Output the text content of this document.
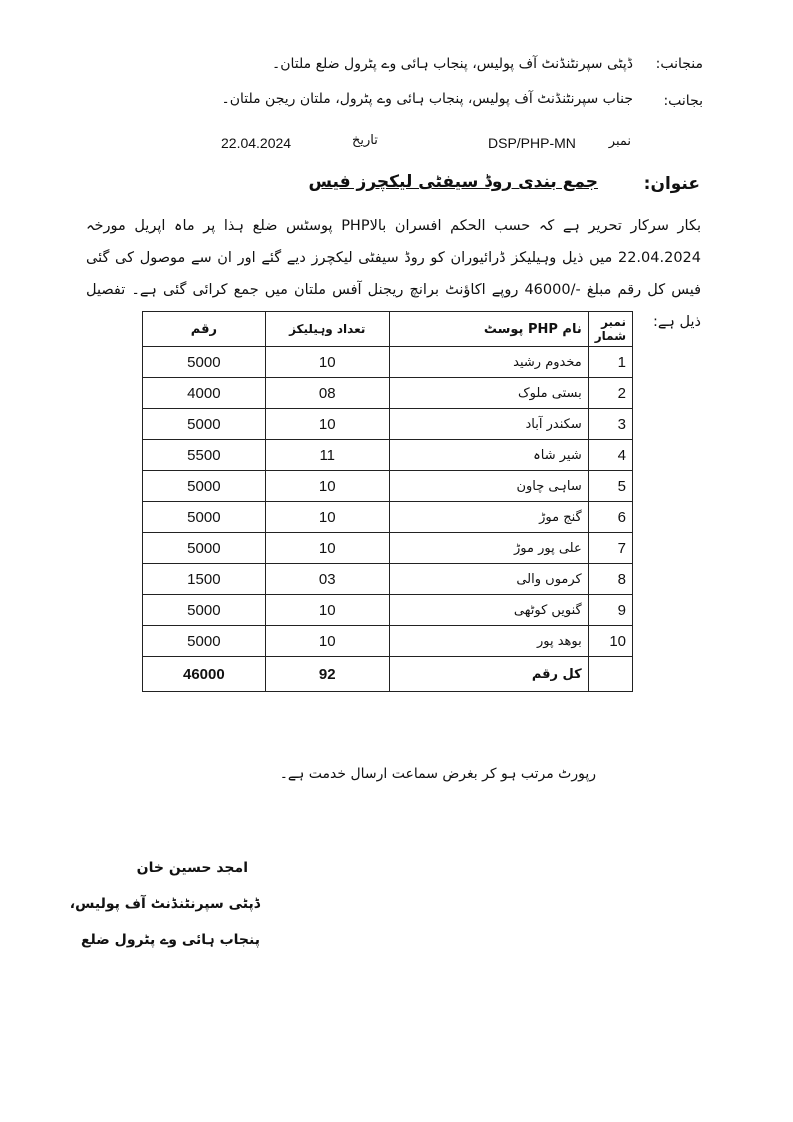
منجانب:
ڈپٹی سپرنٹنڈنٹ آف پولیس، پنجاب ہائی وے پٹرول ضلع ملتان۔
بجانب:
جناب سپرنٹنڈنٹ آف پولیس، پنجاب ہائی وے پٹرول، ملتان ریجن ملتان۔
نمبر
DSP/PHP-MN
تاریخ
22.04.2024
عنوان:
جمع بندی روڈ سیفٹی لیکچرز فیس
بکار سرکار تحریر ہے کہ حسب الحکم افسران بالاPHP پوسٹس ضلع ہذا پر ماہ اپریل مورخہ 22.04.2024 میں ذیل وہیلیکز ڈرائیوران کو روڈ سیفٹی لیکچرز دیے گئے اور ان سے موصول کی گئی فیس کل رقم مبلغ -/46000 روپے اکاؤنٹ برانچ ریجنل آفس ملتان میں جمع کرائی گئی ہے۔ تفصیل ذیل ہے:
نمبر شمار	نام PHP پوسٹ	تعداد وہیلیکز	رقم
1	مخدوم رشید	10	5000
2	بستی ملوک	08	4000
3	سکندر آباد	10	5000
4	شیر شاہ	11	5500
5	ساہی چاون	10	5000
6	گنج موڑ	10	5000
7	علی پور موڑ	10	5000
8	کرموں والی	03	1500
9	گنویں کوٹھی	10	5000
10	بوھد پور	10	5000
	کل رقم	92	46000
رپورٹ مرتب ہو کر بغرض سماعت ارسال خدمت ہے۔
امجد حسین خان
ڈپٹی سپرنٹنڈنٹ آف پولیس،
پنجاب ہائی وے پٹرول ضلع
